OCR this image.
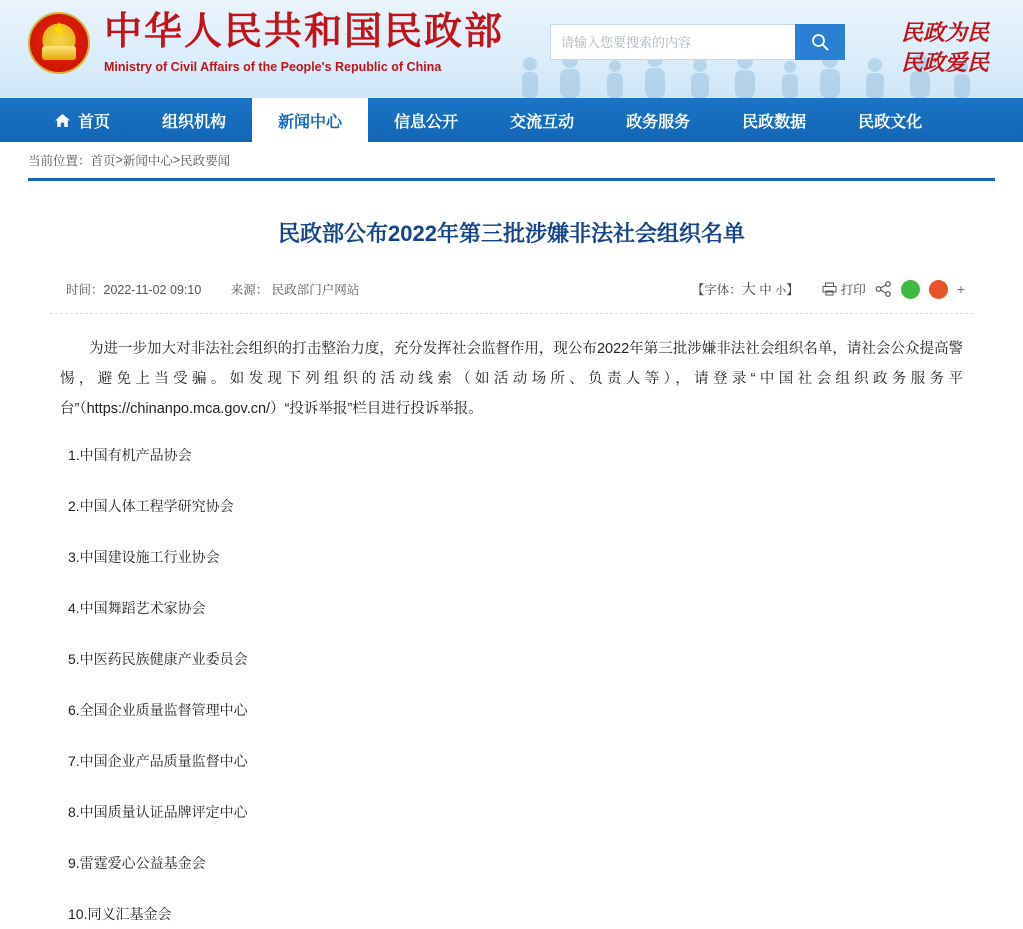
★
中华人民共和国民政部
Ministry of Civil Affairs of the People's Republic of China
请输入您要搜索的内容
民政为民
民政爱民
首页	组织机构	新闻中心	信息公开	交流互动	政务服务	民政数据	民政文化
当前位置： 首页 > 新闻中心 > 民政要闻
民政部公布2022年第三批涉嫌非法社会组织名单
时间：2022-11-02 09:10 来源： 民政部门户网站	【字体：大 中 小】	打印	+

为进一步加大对非法社会组织的打击整治力度，充分发挥社会监督作用，现公布2022年第三批涉嫌非法社会组织名单，请社会公众提高警惕，避免上当受骗。如发现下列组织的活动线索（如活动场所、负责人等），请登录“中国社会组织政务服务平台”（https://chinanpo.mca.gov.cn/）“投诉举报”栏目进行投诉举报。

1.中国有机产品协会

2.中国人体工程学研究协会

3.中国建设施工行业协会

4.中国舞蹈艺术家协会

5.中医药民族健康产业委员会

6.全国企业质量监督管理中心

7.中国企业产品质量监督中心

8.中国质量认证品牌评定中心

9.雷霆爱心公益基金会

10.同义汇基金会
